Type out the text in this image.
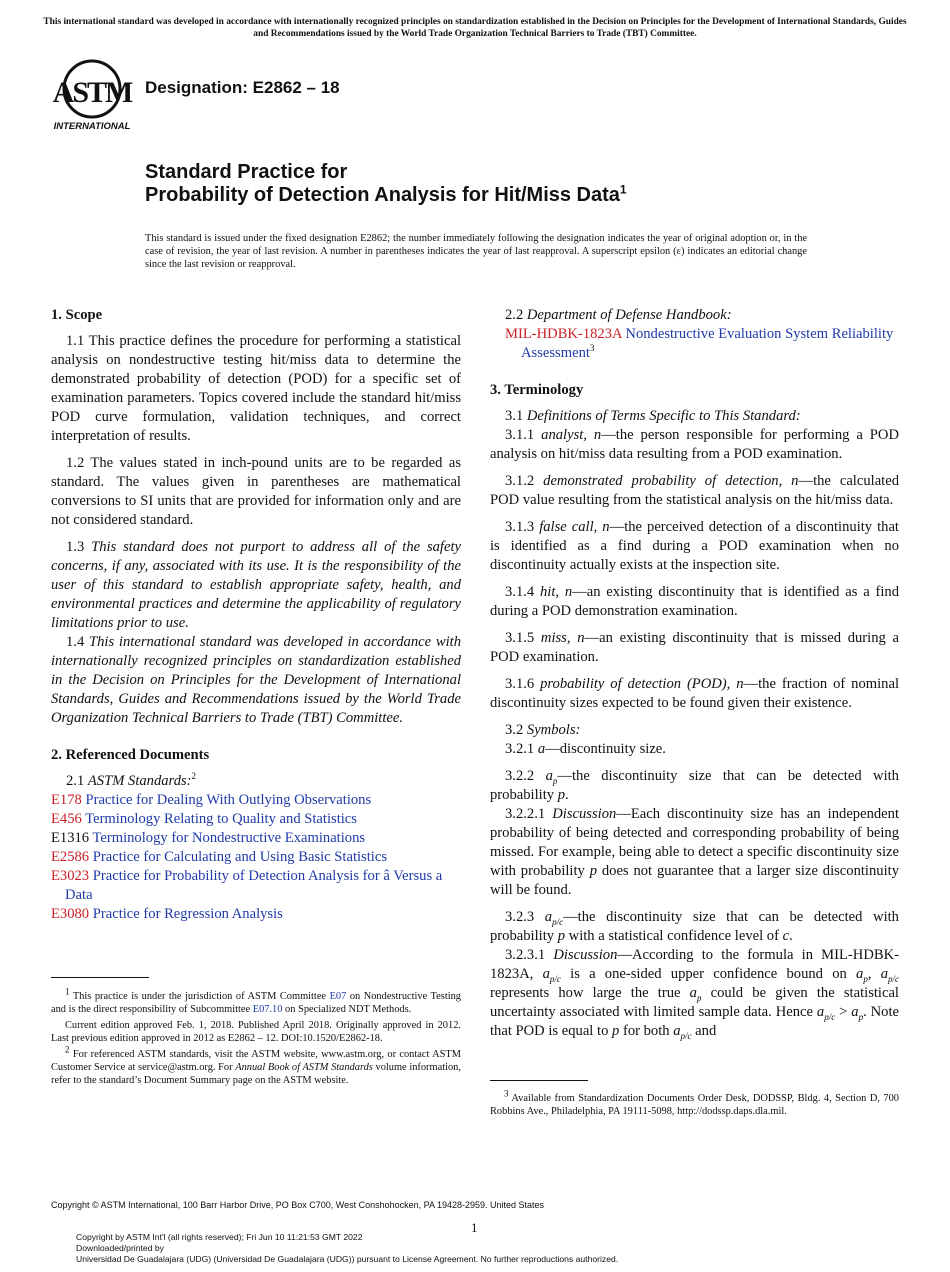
This international standard was developed in accordance with internationally recognized principles on standardization established in the Decision on Principles for the Development of International Standards, Guides and Recommendations issued by the World Trade Organization Technical Barriers to Trade (TBT) Committee.
ASTM
INTERNATIONAL
Designation: E2862 – 18
Standard Practice for
Probability of Detection Analysis for Hit/Miss Data$^1$
This standard is issued under the fixed designation E2862; the number immediately following the designation indicates the year of original adoption or, in the case of revision, the year of last revision. A number in parentheses indicates the year of last reapproval. A superscript epsilon (ε) indicates an editorial change since the last revision or reapproval.
1. Scope

1.1 This practice defines the procedure for performing a statistical analysis on nondestructive testing hit/miss data to determine the demonstrated probability of detection (POD) for a specific set of examination parameters. Topics covered include the standard hit/miss POD curve formulation, validation techniques, and correct interpretation of results.

1.2 The values stated in inch-pound units are to be regarded as standard. The values given in parentheses are mathematical conversions to SI units that are provided for information only and are not considered standard.

1.3 This standard does not purport to address all of the safety concerns, if any, associated with its use. It is the responsibility of the user of this standard to establish appropriate safety, health, and environmental practices and determine the applicability of regulatory limitations prior to use.

1.4 This international standard was developed in accordance with internationally recognized principles on standardization established in the Decision on Principles for the Development of International Standards, Guides and Recommendations issued by the World Trade Organization Technical Barriers to Trade (TBT) Committee.

2. Referenced Documents

2.1 ASTM Standards:$^2$

E178 Practice for Dealing With Outlying Observations

E456 Terminology Relating to Quality and Statistics

E1316 Terminology for Nondestructive Examinations

E2586 Practice for Calculating and Using Basic Statistics

E3023 Practice for Probability of Detection Analysis for â Versus a Data

E3080 Practice for Regression Analysis

2.2 Department of Defense Handbook:

MIL-HDBK-1823A Nondestructive Evaluation System Reliability Assessment$^3$

3. Terminology

3.1 Definitions of Terms Specific to This Standard:

3.1.1 analyst, n—the person responsible for performing a POD analysis on hit/miss data resulting from a POD examination.

3.1.2 demonstrated probability of detection, n—the calculated POD value resulting from the statistical analysis on the hit/miss data.

3.1.3 false call, n—the perceived detection of a discontinuity that is identified as a find during a POD examination when no discontinuity actually exists at the inspection site.

3.1.4 hit, n—an existing discontinuity that is identified as a find during a POD demonstration examination.

3.1.5 miss, n—an existing discontinuity that is missed during a POD examination.

3.1.6 probability of detection (POD), n—the fraction of nominal discontinuity sizes expected to be found given their existence.

3.2 Symbols:

3.2.1 a—discontinuity size.

3.2.2 $a_p—the$ discontinuity size that can be detected with probability p.

3.2.2.1 Discussion—Each discontinuity size has an independent probability of being detected and corresponding probability of being missed. For example, being able to detect a specific discontinuity size with probability p does not guarantee that a larger size discontinuity will be found.

3.2.3 $a_{p/c}—the$ discontinuity size that can be detected with probability p with a statistical confidence level of c.

3.2.3.1 Discussion—According to the formula in MIL-HDBK-1823A, $a_{p/c}$ is a one-sided upper confidence bound on $a_p$, $a_{p/c}$ represents how large the true $a_p$ could be given the statistical uncertainty associated with limited sample data. Hence $a_{p/c} > a_p$. Note that POD is equal to p for both $a_{p/c}$ and

$^1$ This practice is under the jurisdiction of ASTM Committee E07 on Nondestructive Testing and is the direct responsibility of Subcommittee E07.10 on Specialized NDT Methods.

Current edition approved Feb. 1, 2018. Published April 2018. Originally approved in 2012. Last previous edition approved in 2012 as E2862 – 12. DOI:10.1520/E2862-18.

$^2$ For referenced ASTM standards, visit the ASTM website, www.astm.org, or contact ASTM Customer Service at service@astm.org. For Annual Book of ASTM Standards volume information, refer to the standard’s Document Summary page on the ASTM website.

$^3$ Available from Standardization Documents Order Desk, DODSSP, Bldg. 4, Section D, 700 Robbins Ave., Philadelphia, PA 19111-5098, http://dodssp.daps.dla.mil.

Copyright © ASTM International, 100 Barr Harbor Drive, PO Box C700, West Conshohocken, PA 19428-2959. United States
1
Copyright by ASTM Int'l (all rights reserved); Fri Jun 10 11:21:53 GMT 2022
Downloaded/printed by
Universidad De Guadalajara (UDG) (Universidad De Guadalajara (UDG)) pursuant to License Agreement. No further reproductions authorized.
